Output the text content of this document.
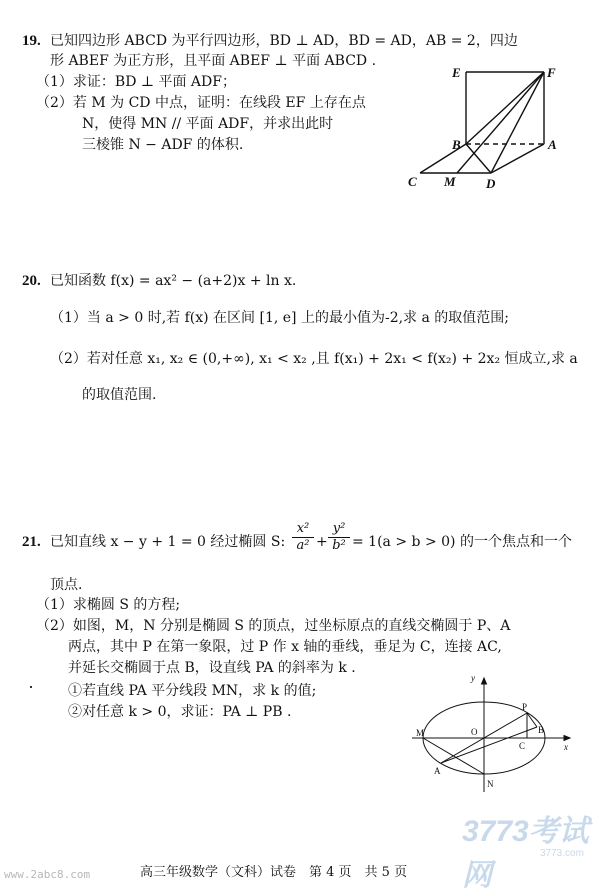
19. 已知四边形 ABCD 为平行四边形，BD ⊥ AD，BD = AD，AB = 2，四边
形 ABEF 为正方形，且平面 ABEF ⊥ 平面 ABCD .
（1）求证：BD ⊥ 平面 ADF；
（2）若 M 为 CD 中点，证明：在线段 EF 上存在点
N，使得 MN // 平面 ADF，并求出此时
三棱锥 N − ADF 的体积.
E	F
B	A
C M D
20. 已知函数 f(x) = ax² − (a+2)x + ln x.
（1）当 a > 0 时,若 f(x) 在区间 [1, e] 上的最小值为-2,求 a 的取值范围;
（2）若对任意 x₁, x₂ ∈ (0,+∞), x₁ < x₂ ,且 f(x₁) + 2x₁ < f(x₂) + 2x₂ 恒成立,求 a
的取值范围.
21. 已知直线 x − y + 1 = 0 经过椭圆 S: $\frac{\text{x²}}{\text{a²}} + \frac{\text{y²}}{\text{b²}} = 1(a > b > 0)$ 的一个焦点和一个
顶点.
（1）求椭圆 S 的方程;
（2）如图，M，N 分别是椭圆 S 的顶点，过坐标原点的直线交椭圆于 P、A
两点，其中 P 在第一象限，过 P 作 x 轴的垂线，垂足为 C，连接 AC,
并延长交椭圆于点 B，设直线 PA 的斜率为 k .
①若直线 PA 平分线段 MN，求 k 的值;
②对任意 k > 0，求证：PA ⊥ PB .
y
x
O
M
N
P
A
B
C
www.2abc8.com	高三年级数学（文科）试卷　第 4 页　共 5 页
3773考试网
3773.com
